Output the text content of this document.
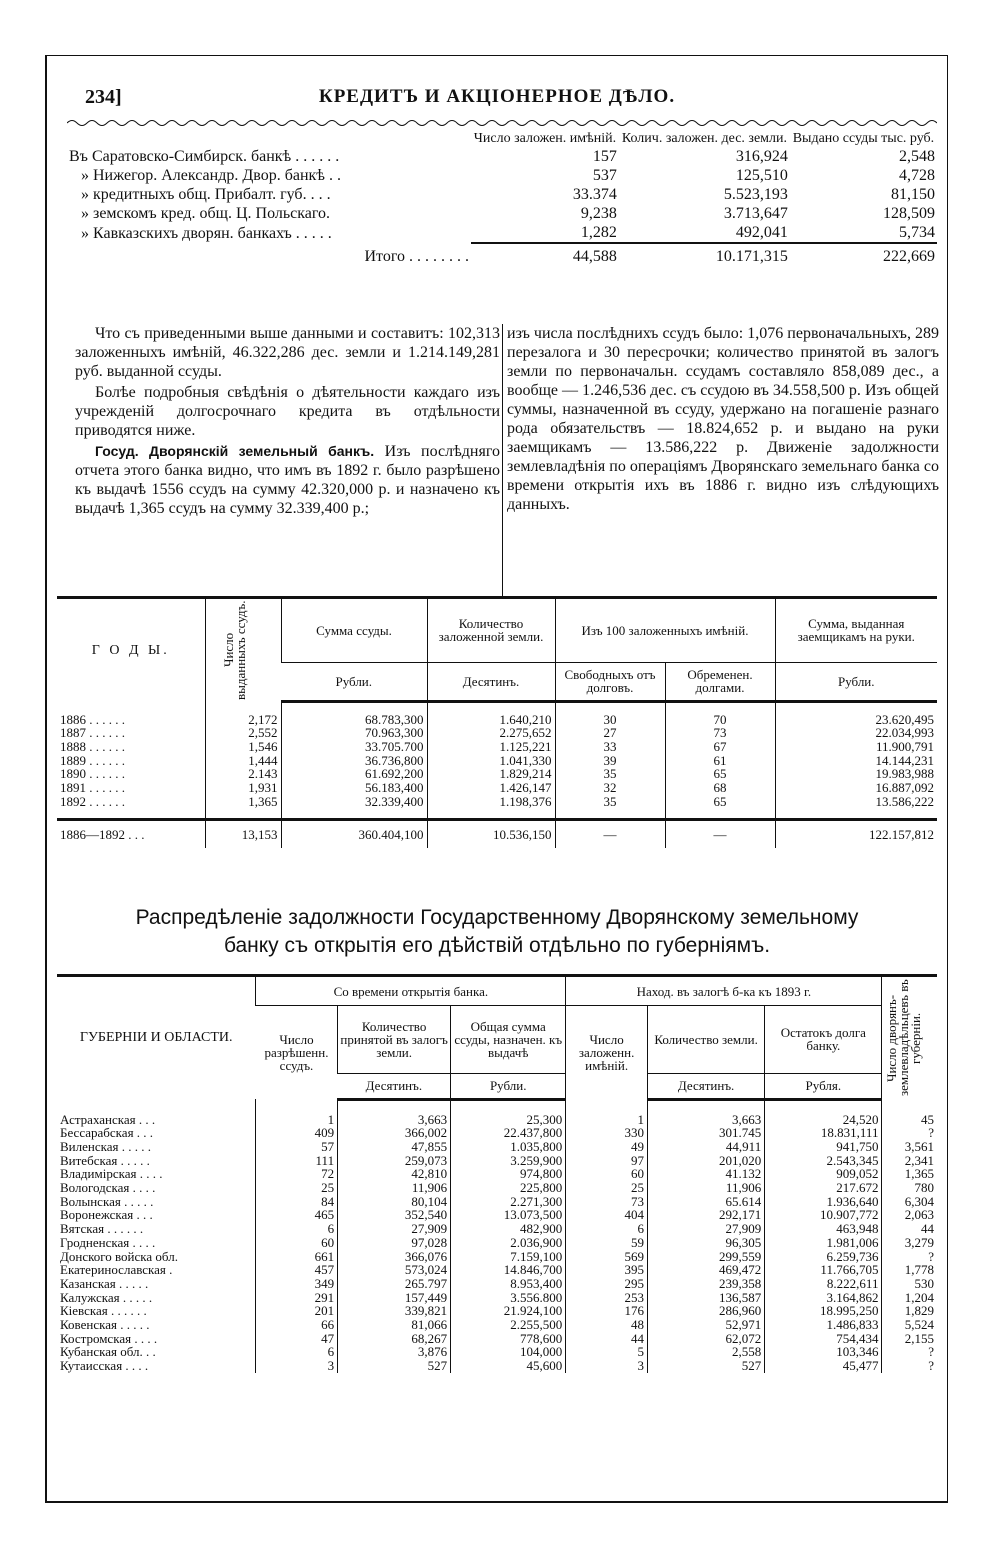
234]	КРЕДИТЪ И АКЦІОНЕРНОЕ ДѢЛО.
	Число заложен. имѣній.	Колич. заложен. дес. земли.	Выдано ссуды тыс. руб.
Въ Саратовско-Симбирск. банкѣ . . . . . .	157	316,924	2,548
» Нижегор. Александр. Двор. банкѣ . .	537	125,510	4,728
» кредитныхъ общ. Прибалт. губ. . . .	33.374	5.523,193	81,150
» земскомъ кред. общ. Ц. Польскаго.	9,238	3.713,647	128,509
» Кавказскихъ дворян. банкахъ . . . . .	1,282	492,041	5,734
Итого . . . . . . . .	44,588	10.171,315	222,669

Что съ приведенными выше данными и составитъ: 102,313 заложенныхъ имѣній, 46.322,286 дес. земли и 1.214.149,281 руб. выданной ссуды.

Болѣе подробныя свѣдѣнія о дѣятельности каждаго изъ учрежденій долгосрочнаго кредита въ отдѣльности приводятся ниже.

Госуд. Дворянскій земельный банкъ. Изъ послѣдняго отчета этого банка видно, что имъ въ 1892 г. было разрѣшено къ выдачѣ 1556 ссудъ на сумму 42.320,000 р. и назначено къ выдачѣ 1,365 ссудъ на сумму 32.339,400 р.;

изъ числа послѣднихъ ссудъ было: 1,076 первоначальныхъ, 289 перезалога и 30 пересрочки; количество принятой въ залогъ земли по первоначальн. ссудамъ составляло 858,089 дес., а вообще — 1.246,536 дес. съ ссудою въ 34.558,500 р. Изъ общей суммы, назначенной въ ссуду, удержано на погашеніе разнаго рода обязательствъ — 18.824,652 р. и выдано на руки заемщикамъ — 13.586,222 р. Движеніе задолжности землевладѣнія по операціямъ Дворянскаго земельнаго банка со времени открытія ихъ въ 1886 г. видно изъ слѣдующихъ данныхъ.

Г О Д Ы.	Число выданныхъ ссудъ.	Сумма ссуды.	Количество заложенной земли.	Изъ 100 заложенныхъ имѣній.		Сумма, выданная заемщикамъ на руки.
		Рубли.	Десятинъ.	Свободныхъ отъ долговъ.	Обременен. долгами.	Рубли.

1886 . . . . . .	2,172	68.783,300	1.640,210	30	70	23.620,495
1887 . . . . . .	2,552	70.963,300	2.275,652	27	73	22.034,993
1888 . . . . . .	1,546	33.705.700	1.125,221	33	67	11.900,791
1889 . . . . . .	1,444	36.736,800	1.041,330	39	61	14.144,231
1890 . . . . . .	2.143	61.692,200	1.829,214	35	65	19.983,988
1891 . . . . . .	1,931	56.183,400	1.426,147	32	68	16.887,092
1892 . . . . . .	1,365	32.339,400	1.198,376	35	65	13.586,222

1886—1892 . . .	13,153	360.404,100	10.536,150	—	—	122.157,812
Распредѣленіе задолжности Государственному Дворянскому земельному
банку съ открытія его дѣйствій отдѣльно по губерніямъ.
ГУБЕРНІИ И ОБЛАСТИ.	Со времени открытія банка.			Наход. въ залогѣ б-ка къ 1893 г.			Число дворянъ-землевладѣльцевъ въ губерніи.

	Число разрѣшенн. ссудъ.	Количество принятой въ залогъ земли.	Общая сумма ссуды, назначен. къ выдачѣ	Число заложенн. имѣній.	Количество земли.	Остатокъ долга банку.	
		Десятинъ.	Рубли.		Десятинъ.	Рубля.	

Астраханская . . .	1	3,663	25,300	1	3,663	24,520	45
Бессарабская . . .	409	366,002	22.437,800	330	301.745	18.831,111	?
Виленская . . . . .	57	47,855	1.035,800	49	44,911	941,750	3,561
Витебская . . . . .	111	259,073	3.259,900	97	201,020	2.543,345	2,341
Владимірская . . . .	72	42,810	974,800	60	41.132	909,052	1,365
Вологодская . . . .	25	11,906	225,800	25	11,906	217.672	780
Волынская . . . . .	84	80,104	2.271,300	73	65.614	1.936,640	6,304
Воронежская . . .	465	352,540	13.073,500	404	292,171	10.907,772	2,063
Вятская . . . . . .	6	27,909	482,900	6	27,909	463,948	44
Гродненская . . . .	60	97,028	2.036,900	59	96,305	1.981,006	3,279
Донского войска обл.	661	366,076	7.159,100	569	299,559	6.259,736	?
Екатеринославская .	457	573,024	14.846,700	395	469,472	11.766,705	1,778
Казанская . . . . .	349	265.797	8.953,400	295	239,358	8.222,611	530
Калужская . . . . .	291	157,449	3.556.800	253	136,587	3.164,862	1,204
Кіевская . . . . . .	201	339,821	21.924,100	176	286,960	18.995,250	1,829
Ковенская . . . . .	66	81,066	2.255,500	48	52,971	1.486,833	5,524
Костромская . . . .	47	68,267	778,600	44	62,072	754,434	2,155
Кубанская обл. . .	6	3,876	104,000	5	2,558	103,346	?
Кутаисская . . . .	3	527	45,600	3	527	45,477	?
